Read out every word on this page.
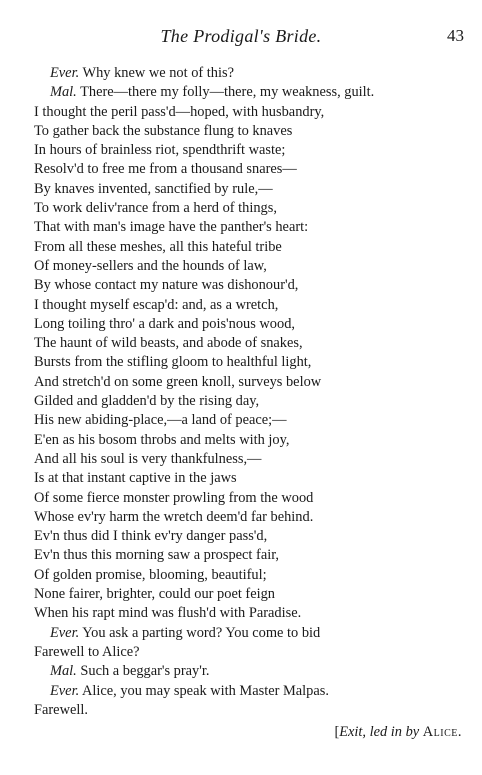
The Prodigal's Bride.	43
Ever. Why knew we not of this?
Mal. There—there my folly—there, my weakness, guilt.
I thought the peril pass'd—hoped, with husbandry,
To gather back the substance flung to knaves
In hours of brainless riot, spendthrift waste;
Resolv'd to free me from a thousand snares—
By knaves invented, sanctified by rule,—
To work deliv'rance from a herd of things,
That with man's image have the panther's heart:
From all these meshes, all this hateful tribe
Of money-sellers and the hounds of law,
By whose contact my nature was dishonour'd,
I thought myself escap'd: and, as a wretch,
Long toiling thro' a dark and pois'nous wood,
The haunt of wild beasts, and abode of snakes,
Bursts from the stifling gloom to healthful light,
And stretch'd on some green knoll, surveys below
Gilded and gladden'd by the rising day,
His new abiding-place,—a land of peace;—
E'en as his bosom throbs and melts with joy,
And all his soul is very thankfulness,—
Is at that instant captive in the jaws
Of some fierce monster prowling from the wood
Whose ev'ry harm the wretch deem'd far behind.
Ev'n thus did I think ev'ry danger pass'd,
Ev'n thus this morning saw a prospect fair,
Of golden promise, blooming, beautiful;
None fairer, brighter, could our poet feign
When his rapt mind was flush'd with Paradise.
Ever. You ask a parting word? You come to bid
Farewell to Alice?
Mal. Such a beggar's pray'r.
Ever. Alice, you may speak with Master Malpas.
Farewell.
[Exit, led in by Alice.
